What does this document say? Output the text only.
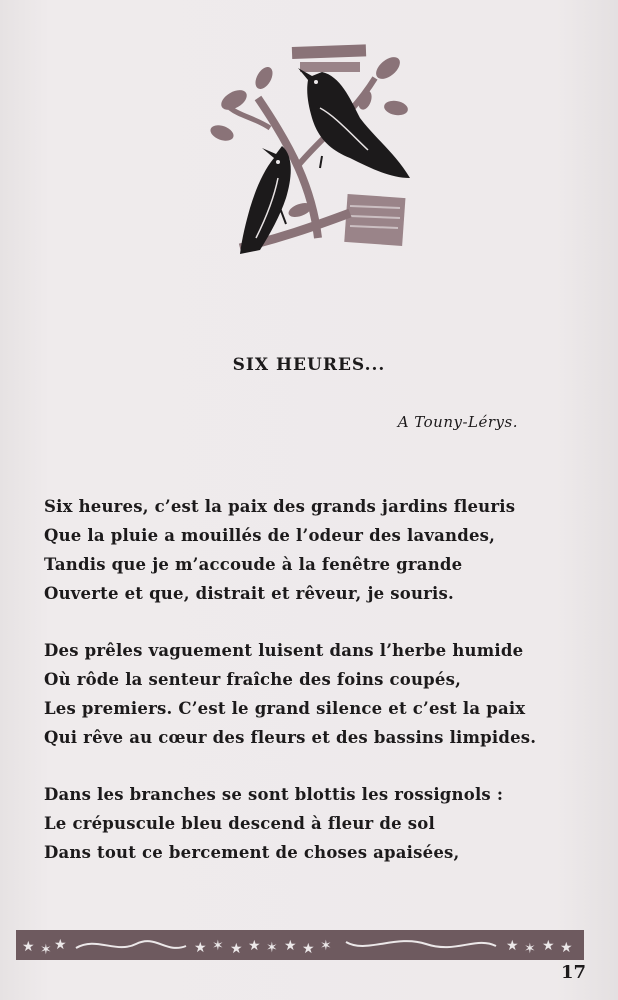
SIX HEURES...
A Touny-Lérys.
Six heures, c’est la paix des grands jardins fleuris
Que la pluie a mouillés de l’odeur des lavandes,
Tandis que je m’accoude à la fenêtre grande
Ouverte et que, distrait et rêveur, je souris.
Des prêles vaguement luisent dans l’herbe humide
Où rôde la senteur fraîche des foins coupés,
Les premiers. C’est le grand silence et c’est la paix
Qui rêve au cœur des fleurs et des bassins limpides.
Dans les branches se sont blottis les rossignols :
Le crépuscule bleu descend à fleur de sol
Dans tout ce bercement de choses apaisées,
★ ✶ ★	★ ✶ ★ ★ ✶ ★ ★ ✶	★ ✶ ★ ★
17
